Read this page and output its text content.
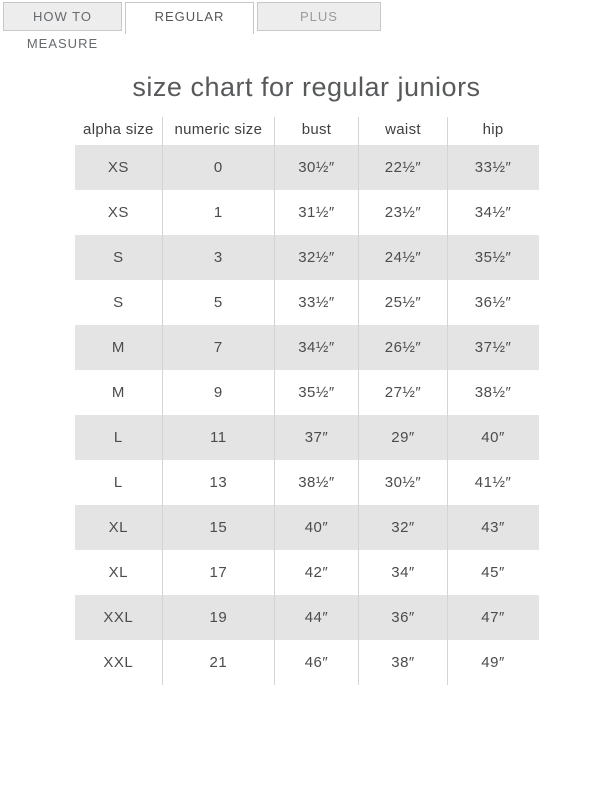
HOW TO MEASURE
REGULAR	PLUS
size chart for regular juniors
alpha size	numeric size	bust	waist	hip
XS	0	30½″	22½″	33½″
XS	1	31½″	23½″	34½″
S	3	32½″	24½″	35½″
S	5	33½″	25½″	36½″
M	7	34½″	26½″	37½″
M	9	35½″	27½″	38½″
L	11	37″	29″	40″
L	13	38½″	30½″	41½″
XL	15	40″	32″	43″
XL	17	42″	34″	45″
XXL	19	44″	36″	47″
XXL	21	46″	38″	49″
